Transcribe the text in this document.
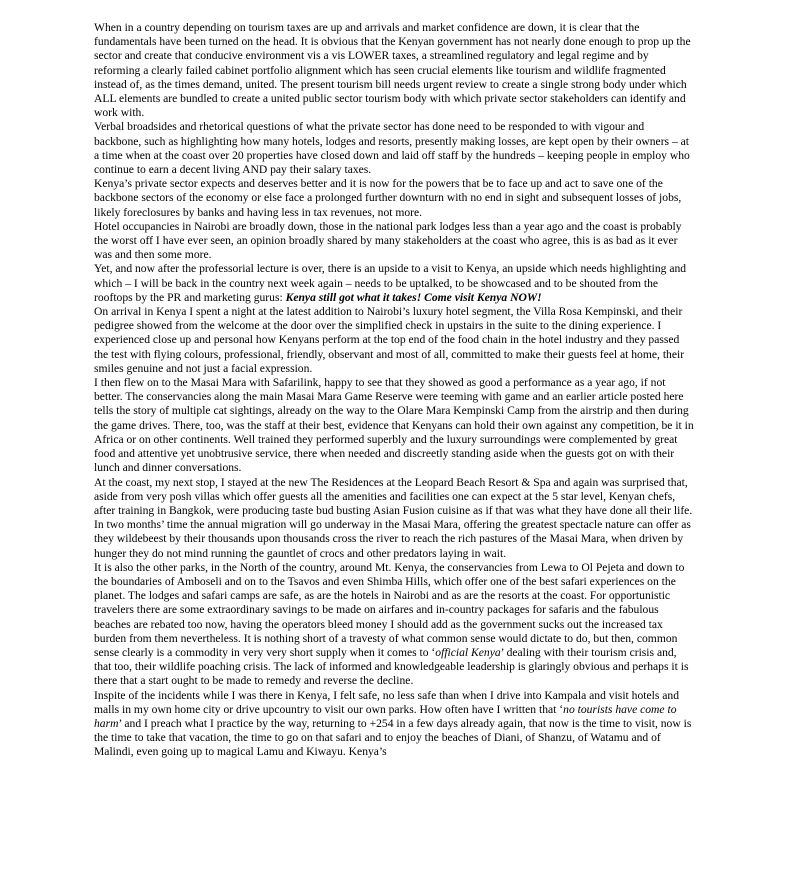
When in a country depending on tourism taxes are up and arrivals and market confidence are down, it is clear that the fundamentals have been turned on the head. It is obvious that the Kenyan government has not nearly done enough to prop up the sector and create that conducive environment vis a vis LOWER taxes, a streamlined regulatory and legal regime and by reforming a clearly failed cabinet portfolio alignment which has seen crucial elements like tourism and wildlife fragmented instead of, as the times demand, united. The present tourism bill needs urgent review to create a single strong body under which ALL elements are bundled to create a united public sector tourism body with which private sector stakeholders can identify and work with.

Verbal broadsides and rhetorical questions of what the private sector has done need to be responded to with vigour and backbone, such as highlighting how many hotels, lodges and resorts, presently making losses, are kept open by their owners – at a time when at the coast over 20 properties have closed down and laid off staff by the hundreds – keeping people in employ who continue to earn a decent living AND pay their salary taxes.

Kenya’s private sector expects and deserves better and it is now for the powers that be to face up and act to save one of the backbone sectors of the economy or else face a prolonged further downturn with no end in sight and subsequent losses of jobs, likely foreclosures by banks and having less in tax revenues, not more.

Hotel occupancies in Nairobi are broadly down, those in the national park lodges less than a year ago and the coast is probably the worst off I have ever seen, an opinion broadly shared by many stakeholders at the coast who agree, this is as bad as it ever was and then some more.

Yet, and now after the professorial lecture is over, there is an upside to a visit to Kenya, an upside which needs highlighting and which – I will be back in the country next week again – needs to be uptalked, to be showcased and to be shouted from the rooftops by the PR and marketing gurus: Kenya still got what it takes! Come visit Kenya NOW!

On arrival in Kenya I spent a night at the latest addition to Nairobi’s luxury hotel segment, the Villa Rosa Kempinski, and their pedigree showed from the welcome at the door over the simplified check in upstairs in the suite to the dining experience. I experienced close up and personal how Kenyans perform at the top end of the food chain in the hotel industry and they passed the test with flying colours, professional, friendly, observant and most of all, committed to make their guests feel at home, their smiles genuine and not just a facial expression.

I then flew on to the Masai Mara with Safarilink, happy to see that they showed as good a performance as a year ago, if not better. The conservancies along the main Masai Mara Game Reserve were teeming with game and an earlier article posted here tells the story of multiple cat sightings, already on the way to the Olare Mara Kempinski Camp from the airstrip and then during the game drives. There, too, was the staff at their best, evidence that Kenyans can hold their own against any competition, be it in Africa or on other continents. Well trained they performed superbly and the luxury surroundings were complemented by great food and attentive yet unobtrusive service, there when needed and discreetly standing aside when the guests got on with their lunch and dinner conversations.

At the coast, my next stop, I stayed at the new The Residences at the Leopard Beach Resort & Spa and again was surprised that, aside from very posh villas which offer guests all the amenities and facilities one can expect at the 5 star level, Kenyan chefs, after training in Bangkok, were producing taste bud busting Asian Fusion cuisine as if that was what they have done all their life.

In two months’ time the annual migration will go underway in the Masai Mara, offering the greatest spectacle nature can offer as they wildebeest by their thousands upon thousands cross the river to reach the rich pastures of the Masai Mara, when driven by hunger they do not mind running the gauntlet of crocs and other predators laying in wait.

It is also the other parks, in the North of the country, around Mt. Kenya, the conservancies from Lewa to Ol Pejeta and down to the boundaries of Amboseli and on to the Tsavos and even Shimba Hills, which offer one of the best safari experiences on the planet. The lodges and safari camps are safe, as are the hotels in Nairobi and as are the resorts at the coast. For opportunistic travelers there are some extraordinary savings to be made on airfares and in-country packages for safaris and the fabulous beaches are rebated too now, having the operators bleed money I should add as the government sucks out the increased tax burden from them nevertheless. It is nothing short of a travesty of what common sense would dictate to do, but then, common sense clearly is a commodity in very very short supply when it comes to ‘official Kenya’ dealing with their tourism crisis and, that too, their wildlife poaching crisis. The lack of informed and knowledgeable leadership is glaringly obvious and perhaps it is there that a start ought to be made to remedy and reverse the decline.

Inspite of the incidents while I was there in Kenya, I felt safe, no less safe than when I drive into Kampala and visit hotels and malls in my own home city or drive upcountry to visit our own parks. How often have I written that ‘no tourists have come to harm’ and I preach what I practice by the way, returning to +254 in a few days already again, that now is the time to visit, now is the time to take that vacation, the time to go on that safari and to enjoy the beaches of Diani, of Shanzu, of Watamu and of Malindi, even going up to magical Lamu and Kiwayu. Kenya’s
